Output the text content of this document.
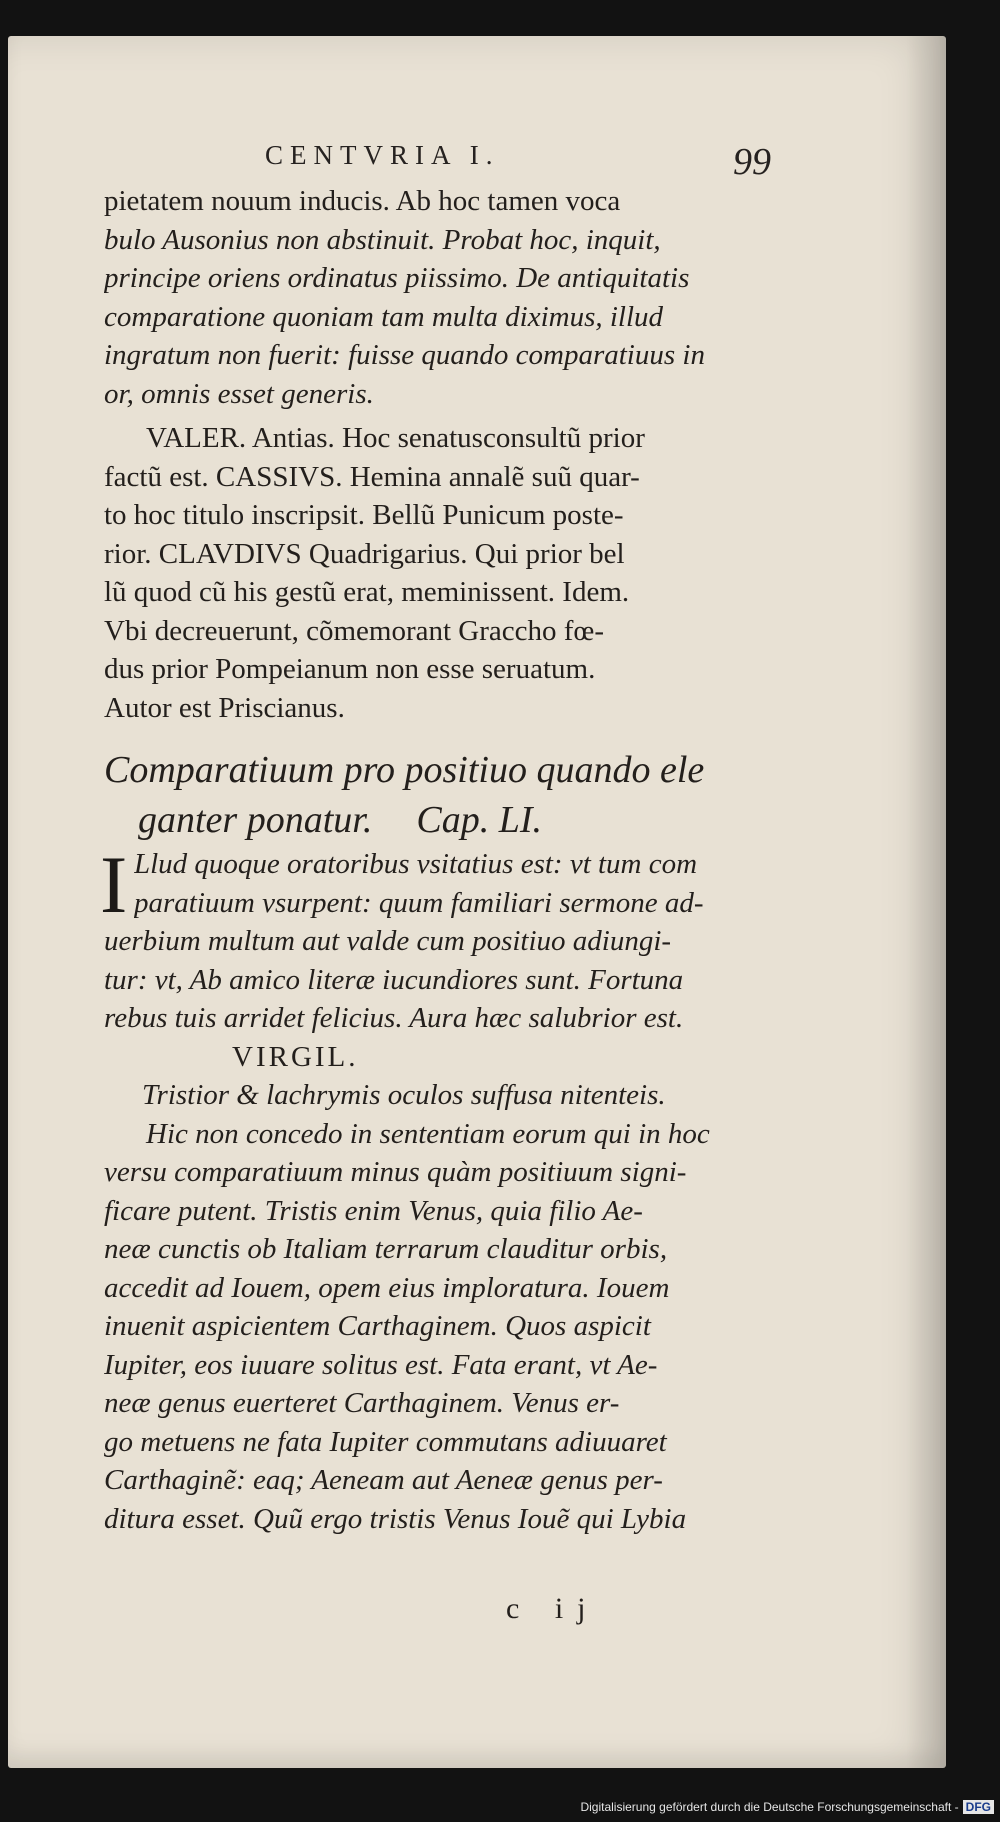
CENTVRIA I.	99
pietatem nouum inducis. Ab hoc tamen voca
bulo Ausonius non abstinuit. Probat hoc, inquit,
principe oriens ordinatus piissimo. De antiquitatis
comparatione quoniam tam multa diximus, illud
ingratum non fuerit: fuisse quando comparatiuus in
or, omnis esset generis.
VALER. Antias. Hoc senatusconsultũ prior
factũ est. CASSIVS. Hemina annalẽ suũ quar-
to hoc titulo inscripsit. Bellũ Punicum poste-
rior. CLAVDIVS Quadrigarius. Qui prior bel
lũ quod cũ his gestũ erat, meminissent. Idem.
Vbi decreuerunt, cõmemorant Graccho fœ-
dus prior Pompeianum non esse seruatum.
Autor est Priscianus.
Comparatiuum pro positiuo quando ele
ganter ponatur. Cap. LI.
I Llud quoque oratoribus vsitatius est: vt tum com
paratiuum vsurpent: quum familiari sermone ad-
uerbium multum aut valde cum positiuo adiungi-
tur: vt, Ab amico literæ iucundiores sunt. Fortuna
rebus tuis arridet felicius. Aura hæc salubrior est.
VIRGIL.
Tristior & lachrymis oculos suffusa nitenteis.
Hic non concedo in sententiam eorum qui in hoc
versu comparatiuum minus quàm positiuum signi-
ficare putent. Tristis enim Venus, quia filio Ae-
neæ cunctis ob Italiam terrarum clauditur orbis,
accedit ad Iouem, opem eius imploratura. Iouem
inuenit aspicientem Carthaginem. Quos aspicit
Iupiter, eos iuuare solitus est. Fata erant, vt Ae-
neæ genus euerteret Carthaginem. Venus er-
go metuens ne fata Iupiter commutans adiuuaret
Carthaginẽ: eaq; Aeneam aut Aeneæ genus per-
ditura esset. Quũ ergo tristis Venus Iouẽ qui Lybia
c ij
Digitalisierung gefördert durch die Deutsche Forschungsgemeinschaft - DFG
